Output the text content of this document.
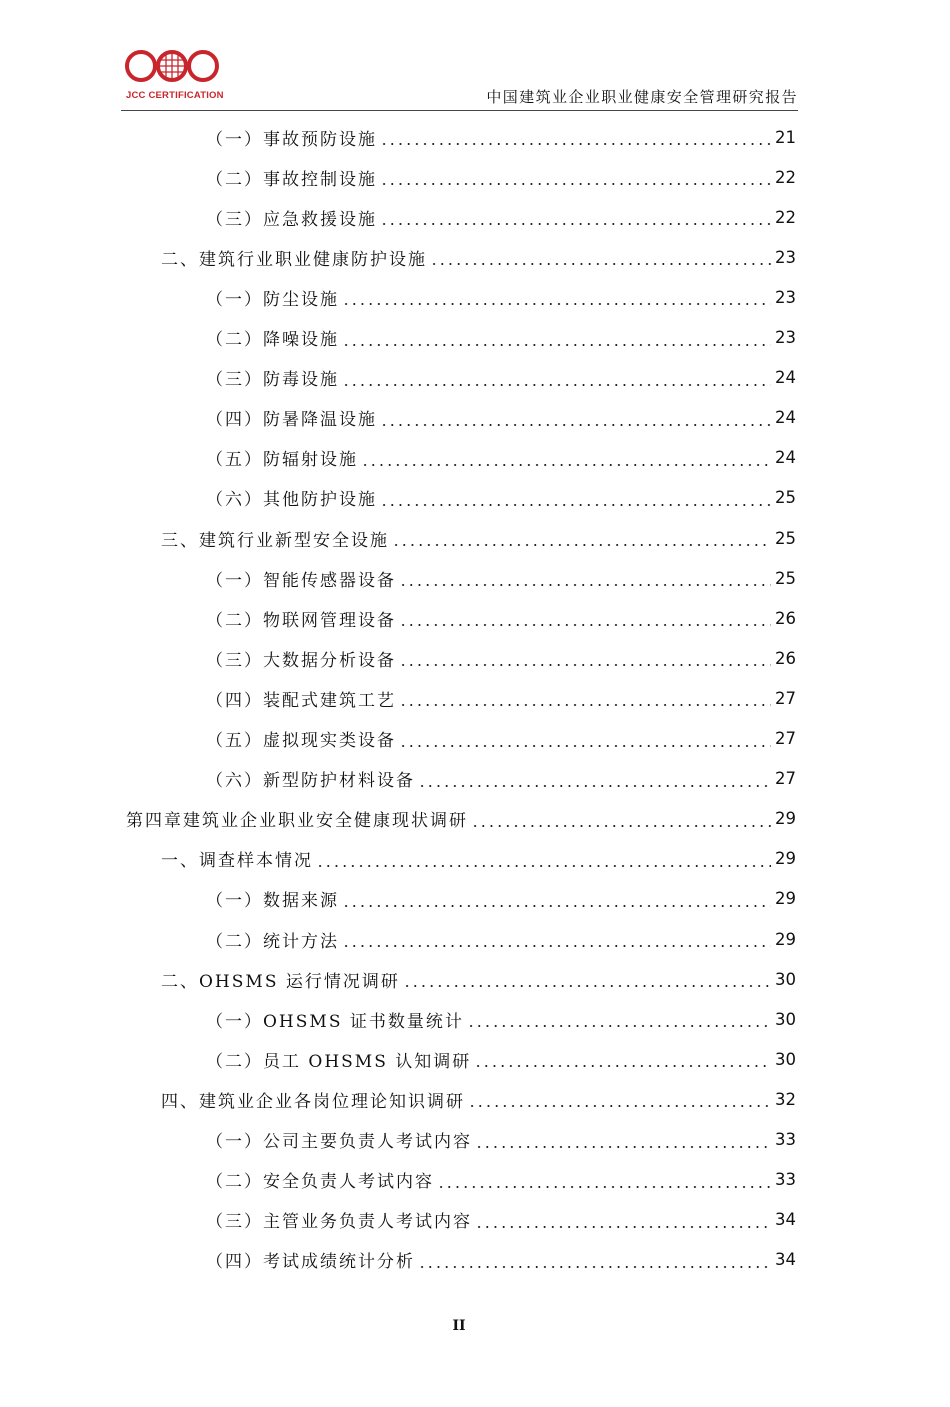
JCC CERTIFICATION	中国建筑业企业职业健康安全管理研究报告
（一）事故预防设施	21
（二）事故控制设施	22
（三）应急救援设施	22
二、建筑行业职业健康防护设施	23
（一）防尘设施	23
（二）降噪设施	23
（三）防毒设施	24
（四）防暑降温设施	24
（五）防辐射设施	24
（六）其他防护设施	25
三、建筑行业新型安全设施	25
（一）智能传感器设备	25
（二）物联网管理设备	26
（三）大数据分析设备	26
（四）装配式建筑工艺	27
（五）虚拟现实类设备	27
（六）新型防护材料设备	27
第四章建筑业企业职业安全健康现状调研	29
一、调查样本情况	29
（一）数据来源	29
（二）统计方法	29
二、OHSMS 运行情况调研	30
（一）OHSMS 证书数量统计	30
（二）员工 OHSMS 认知调研	30
四、建筑业企业各岗位理论知识调研	32
（一）公司主要负责人考试内容	33
（二）安全负责人考试内容	33
（三）主管业务负责人考试内容	34
（四）考试成绩统计分析	34
II
